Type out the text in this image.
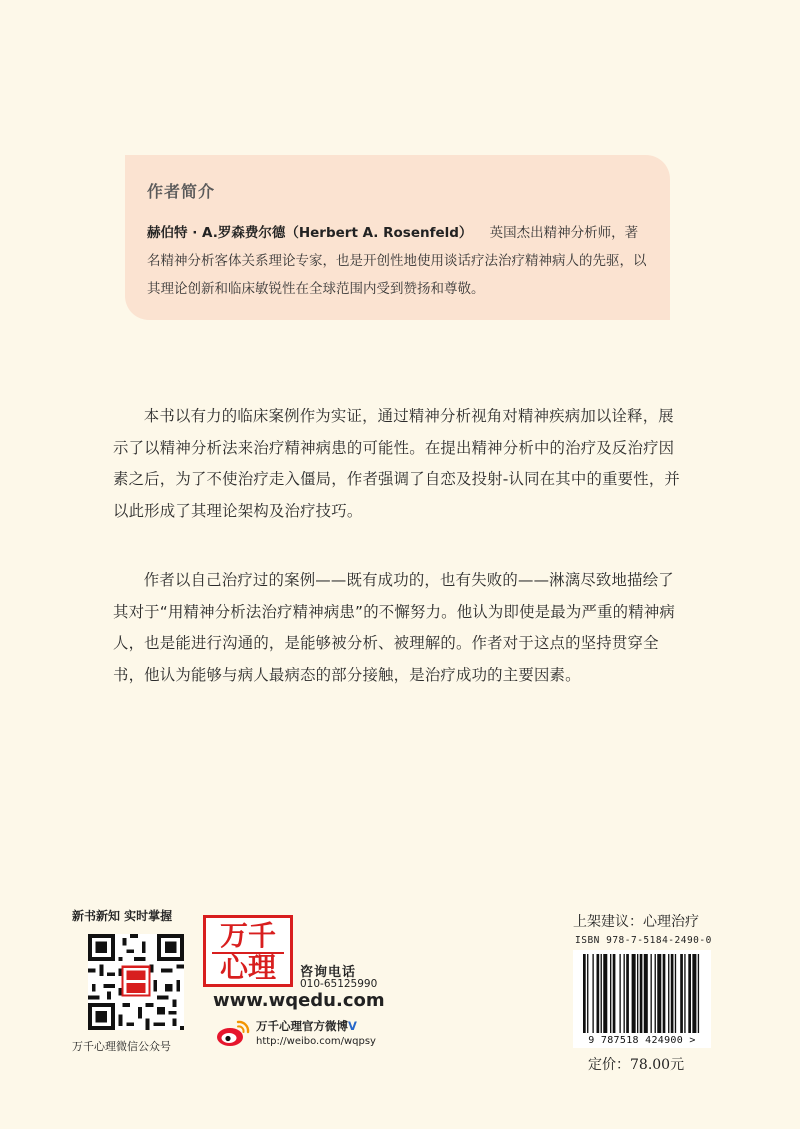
作者简介
赫伯特 · A.罗森费尔德（Herbert A. Rosenfeld） 英国杰出精神分析师，著名精神分析客体关系理论专家，也是开创性地使用谈话疗法治疗精神病人的先驱，以其理论创新和临床敏锐性在全球范围内受到赞扬和尊敬。

本书以有力的临床案例作为实证，通过精神分析视角对精神疾病加以诠释，展示了以精神分析法来治疗精神病患的可能性。在提出精神分析中的治疗及反治疗因素之后，为了不使治疗走入僵局，作者强调了自恋及投射-认同在其中的重要性，并以此形成了其理论架构及治疗技巧。

作者以自己治疗过的案例——既有成功的，也有失败的——淋漓尽致地描绘了其对于“用精神分析法治疗精神病患”的不懈努力。他认为即使是最为严重的精神病人，也是能进行沟通的，是能够被分析、被理解的。作者对于这点的坚持贯穿全书，他认为能够与病人最病态的部分接触，是治疗成功的主要因素。

新书新知 实时掌握
万千心理微信公众号
万千
心理	咨询电话
010-65125990
www.wqedu.com
万千心理官方微博V
http://weibo.com/wqpsy
上架建议：心理治疗
ISBN 978-7-5184-2490-0
9 787518 424900 >
定价：78.00元
